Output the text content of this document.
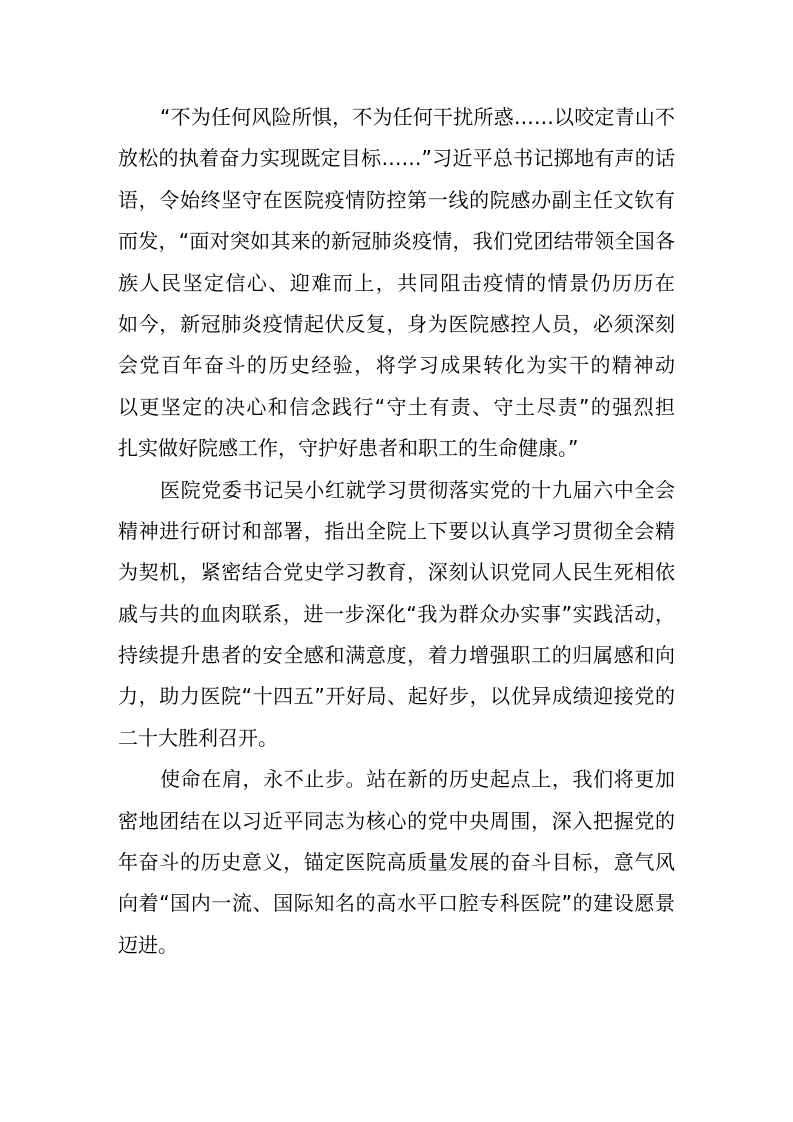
“不为任何风险所惧，不为任何干扰所惑……以咬定青山不
放松的执着奋力实现既定目标……”习近平总书记掷地有声的话
语，令始终坚守在医院疫情防控第一线的院感办副主任文钦有
而发，“面对突如其来的新冠肺炎疫情，我们党团结带领全国各
族人民坚定信心、迎难而上，共同阻击疫情的情景仍历历在
如今，新冠肺炎疫情起伏反复，身为医院感控人员，必须深刻
会党百年奋斗的历史经验，将学习成果转化为实干的精神动
以更坚定的决心和信念践行“守土有责、守土尽责”的强烈担
扎实做好院感工作，守护好患者和职工的生命健康。”
医院党委书记吴小红就学习贯彻落实党的十九届六中全会
精神进行研讨和部署，指出全院上下要以认真学习贯彻全会精
为契机，紧密结合党史学习教育，深刻认识党同人民生死相依
戚与共的血肉联系，进一步深化“我为群众办实事”实践活动，
持续提升患者的安全感和满意度，着力增强职工的归属感和向
力，助力医院“十四五”开好局、起好步，以优异成绩迎接党的
二十大胜利召开。
使命在肩，永不止步。站在新的历史起点上，我们将更加
密地团结在以习近平同志为核心的党中央周围，深入把握党的
年奋斗的历史意义，锚定医院高质量发展的奋斗目标，意气风
向着“国内一流、国际知名的高水平口腔专科医院”的建设愿景
迈进。
